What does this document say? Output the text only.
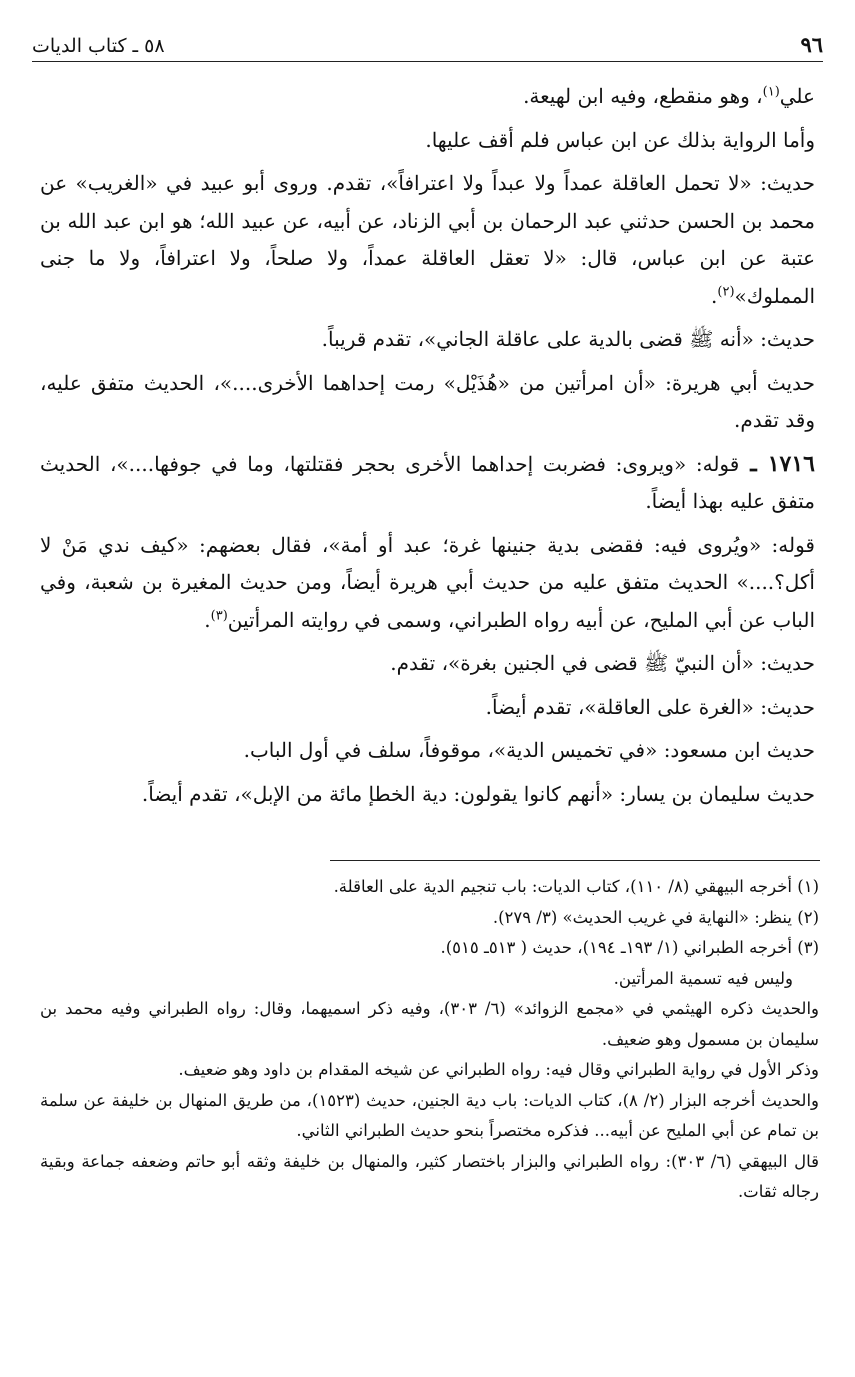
٩٦
٥٨ ـ كتاب الديات

علي$^{(١)}$، وهو منقطع، وفيه ابن لهيعة.

وأما الرواية بذلك عن ابن عباس فلم أقف عليها.

حديث: «لا تحمل العاقلة عمداً ولا عبداً ولا اعترافاً»، تقدم. وروى أبو عبيد في «الغريب» عن محمد بن الحسن حدثني عبد الرحمان بن أبي الزناد، عن أبيه، عن عبيد الله؛ هو ابن عبد الله بن عتبة عن ابن عباس، قال: «لا تعقل العاقلة عمداً، ولا صلحاً، ولا اعترافاً، ولا ما جنى المملوك»$^{(٢)}$.

حديث: «أنه ﷺ قضى بالدية على عاقلة الجاني»، تقدم قريباً.

حديث أبي هريرة: «أن امرأتين من «هُذَيْل» رمت إحداهما الأخرى....»، الحديث متفق عليه، وقد تقدم.

١٧١٦ ـ قوله: «ويروى: فضربت إحداهما الأخرى بحجر فقتلتها، وما في جوفها....»، الحديث متفق عليه بهذا أيضاً.

قوله: «ويُروى فيه: فقضى بدية جنينها غرة؛ عبد أو أمة»، فقال بعضهم: «كيف ندي مَنْ لا أكل؟....» الحديث متفق عليه من حديث أبي هريرة أيضاً، ومن حديث المغيرة بن شعبة، وفي الباب عن أبي المليح، عن أبيه رواه الطبراني، وسمى في روايته المرأتين$^{(٣)}$.

حديث: «أن النبيّ ﷺ قضى في الجنين بغرة»، تقدم.

حديث: «الغرة على العاقلة»، تقدم أيضاً.

حديث ابن مسعود: «في تخميس الدية»، موقوفاً، سلف في أول الباب.

حديث سليمان بن يسار: «أنهم كانوا يقولون: دية الخطإ مائة من الإبل»، تقدم أيضاً.

(١) أخرجه البيهقي (٨/ ١١٠)، كتاب الديات: باب تنجيم الدية على العاقلة.

(٢) ينظر: «النهاية في غريب الحديث» (٣/ ٢٧٩).

(٣) أخرجه الطبراني (١/ ١٩٣ـ ١٩٤)، حديث ( ٥١٣ـ ٥١٥).

وليس فيه تسمية المرأتين.

والحديث ذكره الهيثمي في «مجمع الزوائد» (٦/ ٣٠٣)، وفيه ذكر اسميهما، وقال: رواه الطبراني وفيه محمد بن سليمان بن مسمول وهو ضعيف.

وذكر الأول في رواية الطبراني وقال فيه: رواه الطبراني عن شيخه المقدام بن داود وهو ضعيف.

والحديث أخرجه البزار (٢/ ٨)، كتاب الديات: باب دية الجنين، حديث (١٥٢٣)، من طريق المنهال بن خليفة عن سلمة بن تمام عن أبي المليح عن أبيه... فذكره مختصراً بنحو حديث الطبراني الثاني.

قال البيهقي (٦/ ٣٠٣): رواه الطبراني والبزار باختصار كثير، والمنهال بن خليفة وثقه أبو حاتم وضعفه جماعة وبقية رجاله ثقات.
